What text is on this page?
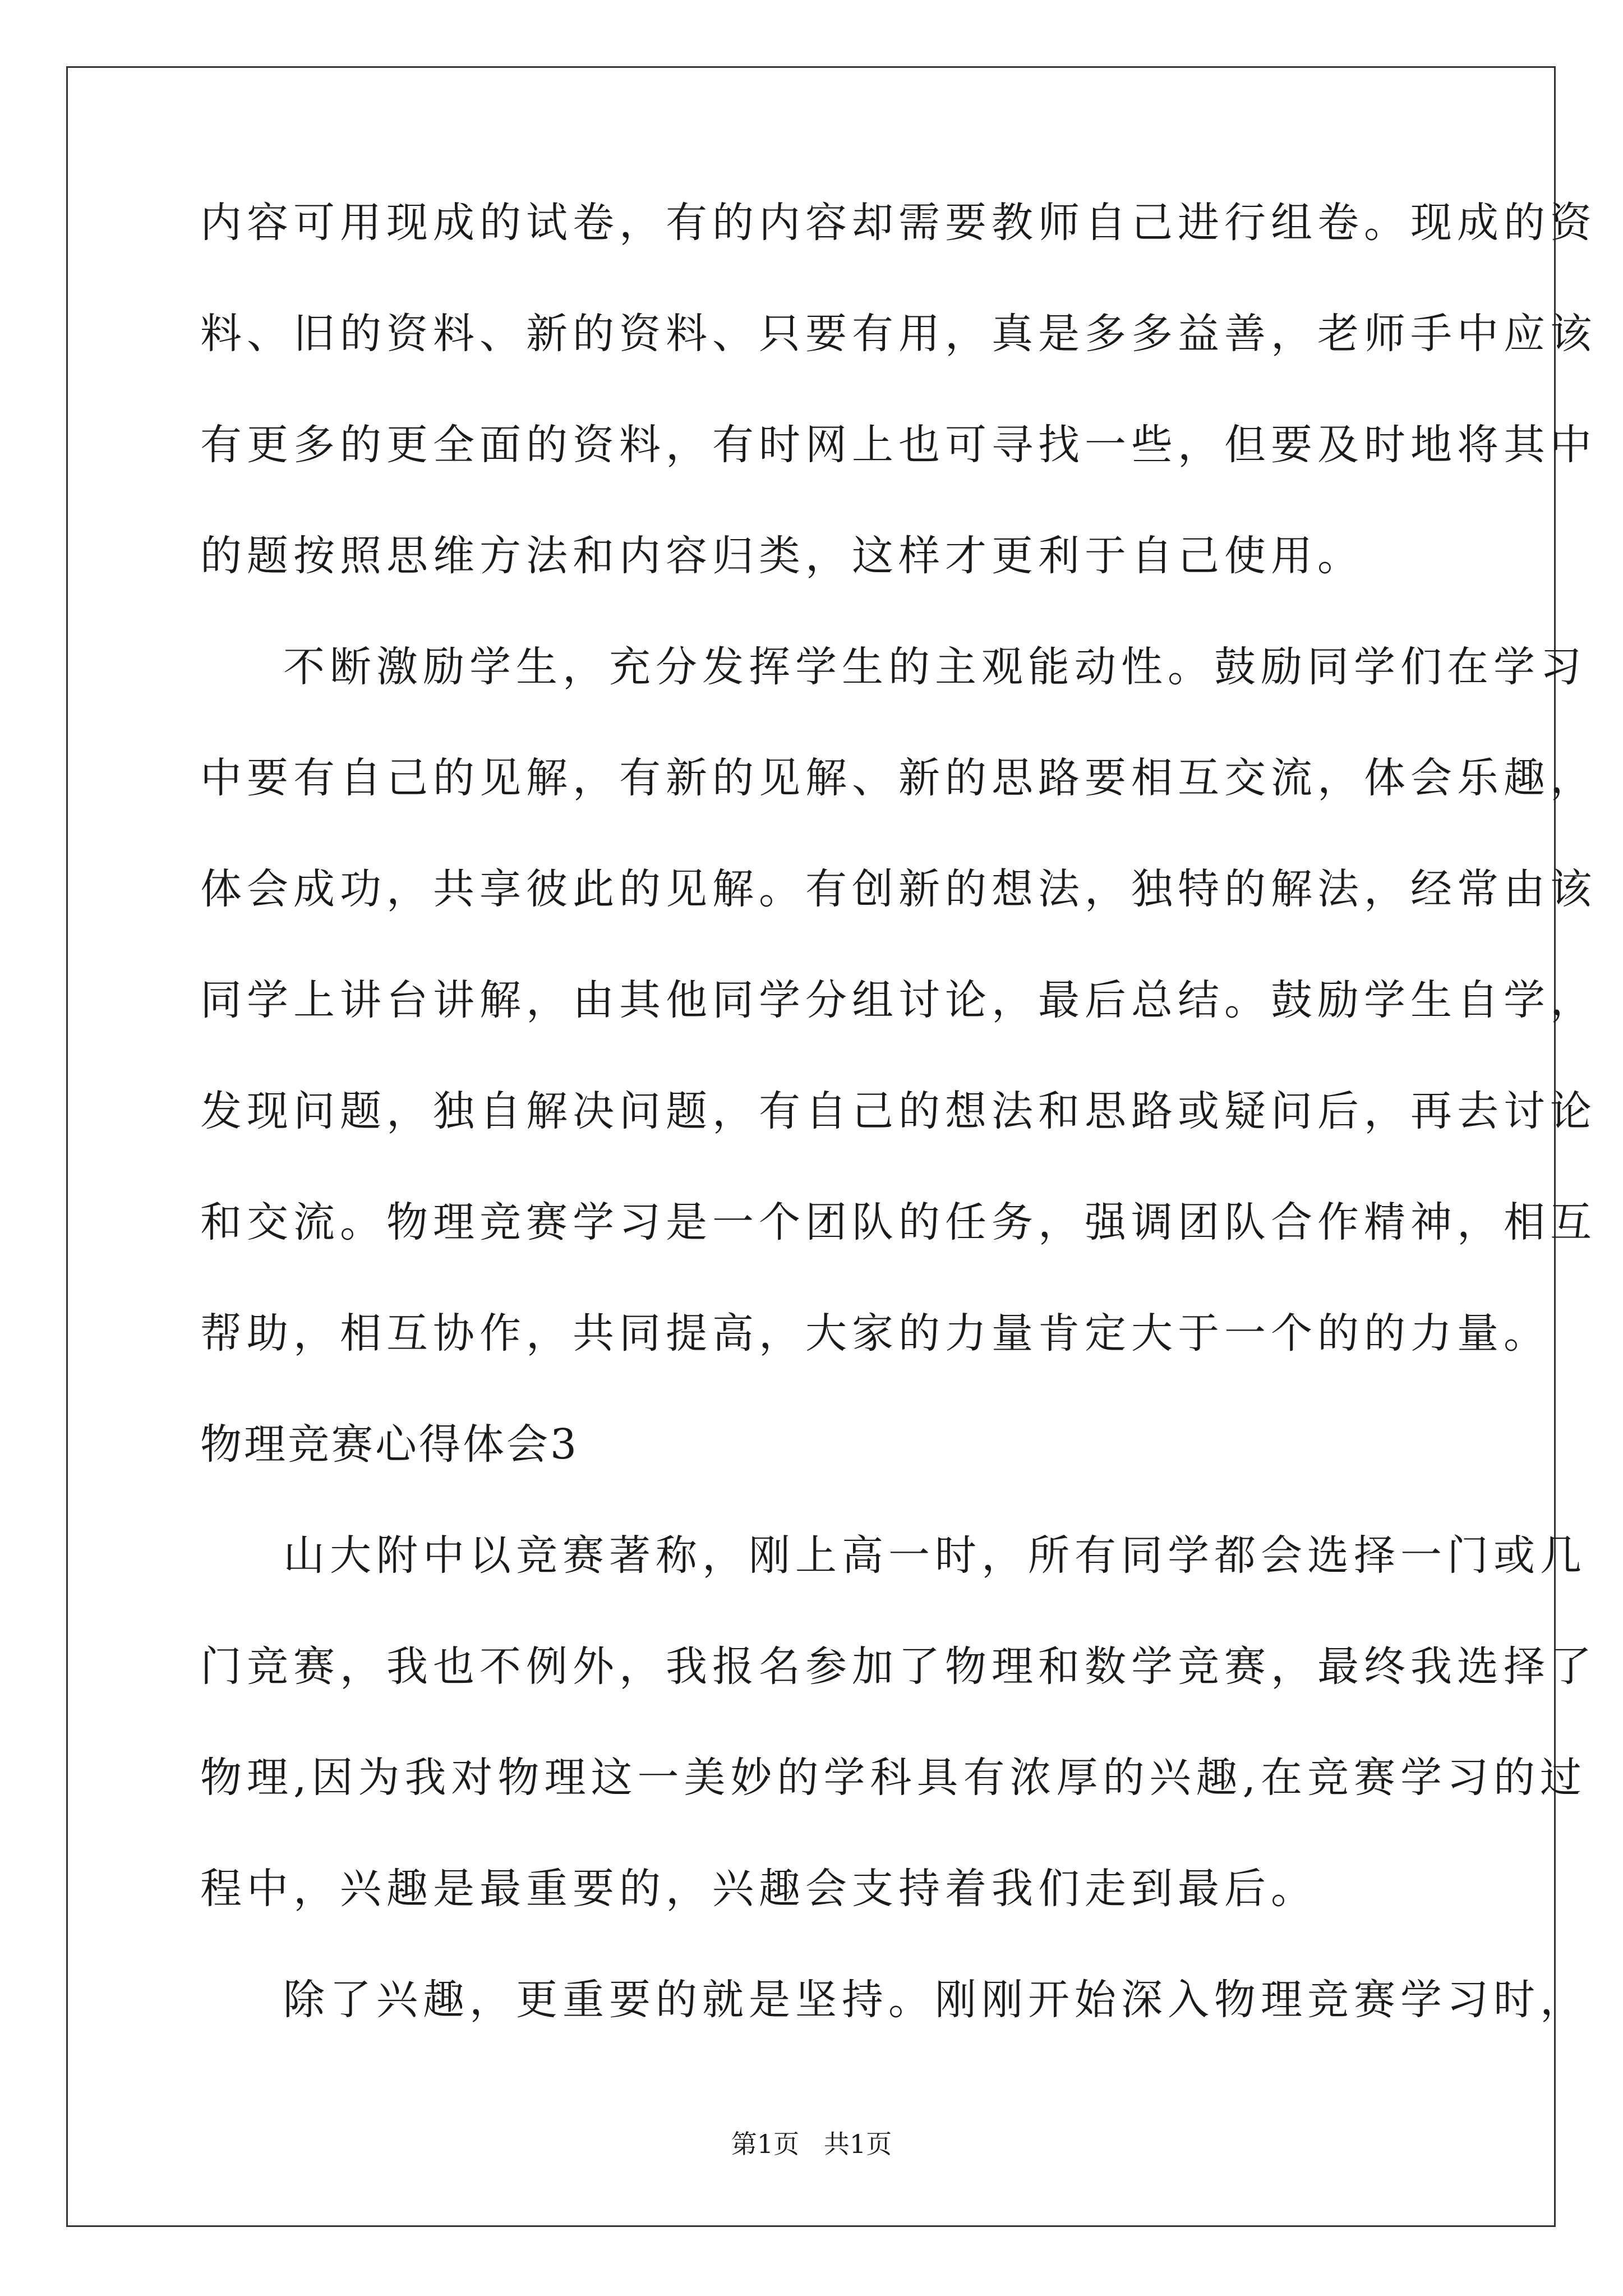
内容可用现成的试卷，有的内容却需要教师自己进行组卷。现成的资
料、旧的资料、新的资料、只要有用，真是多多益善，老师手中应该
有更多的更全面的资料，有时网上也可寻找一些，但要及时地将其中
的题按照思维方法和内容归类，这样才更利于自己使用。
不断激励学生，充分发挥学生的主观能动性。鼓励同学们在学习
中要有自己的见解，有新的见解、新的思路要相互交流，体会乐趣，
体会成功，共享彼此的见解。有创新的想法，独特的解法，经常由该
同学上讲台讲解，由其他同学分组讨论，最后总结。鼓励学生自学，
发现问题，独自解决问题，有自己的想法和思路或疑问后，再去讨论
和交流。物理竞赛学习是一个团队的任务，强调团队合作精神，相互
帮助，相互协作，共同提高，大家的力量肯定大于一个的的力量。
物理竞赛心得体会3
山大附中以竞赛著称，刚上高一时，所有同学都会选择一门或几
门竞赛，我也不例外，我报名参加了物理和数学竞赛，最终我选择了
物理,因为我对物理这一美妙的学科具有浓厚的兴趣,在竞赛学习的过
程中，兴趣是最重要的，兴趣会支持着我们走到最后。
除了兴趣，更重要的就是坚持。刚刚开始深入物理竞赛学习时，
第1页   共1页
